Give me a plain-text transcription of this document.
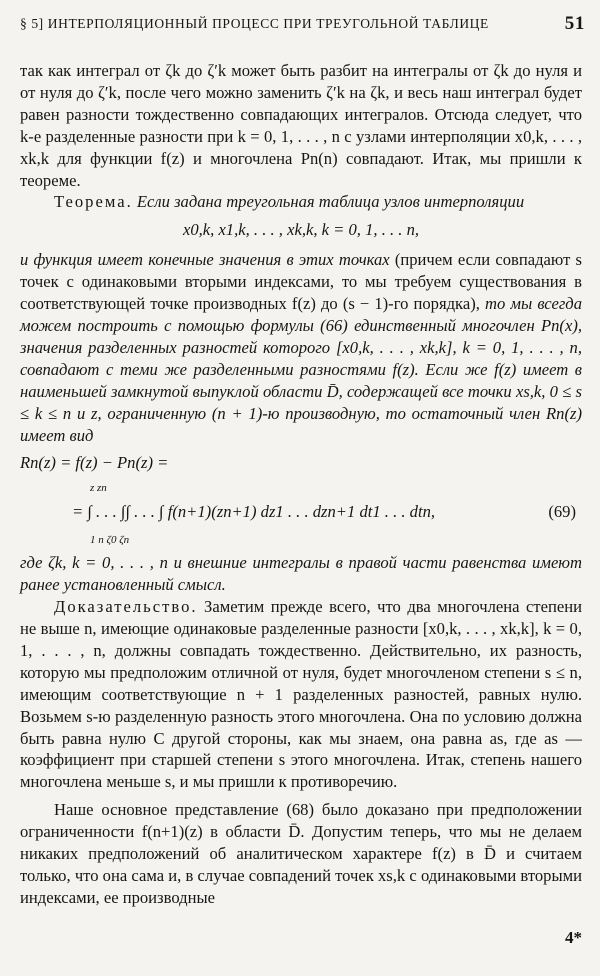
§ 5] ИНТЕРПОЛЯЦИОННЫЙ ПРОЦЕСС ПРИ ТРЕУГОЛЬНОЙ ТАБЛИЦЕ	51

так как интеграл от ζk до ζ′k может быть разбит на интегралы от ζk до нуля и от нуля до ζ′k, после чего можно заменить ζ′k на ζk, и весь наш интеграл будет равен разности тождественно совпадающих интегралов. Отсюда следует, что k-е разделенные разности при k = 0, 1, . . . , n с узлами интерполяции x0,k, . . . , xk,k для функции f(z) и многочлена Pn(n) совпадают. Итак, мы пришли к теореме.

Теорема. Если задана треугольная таблица узлов интерполяции

x0,k, x1,k, . . . , xk,k, k = 0, 1, . . . n,

и функция имеет конечные значения в этих точках (причем если совпадают s точек с одинаковыми вторыми индексами, то мы требуем существования в соответствующей точке производных f(z) до (s − 1)-го порядка), то мы всегда можем построить с помощью формулы (66) единственный многочлен Pn(x), значения разделенных разностей которого [x0,k, . . . , xk,k], k = 0, 1, . . . , n, совпадают с теми же разделенными разностями f(z). Если же f(z) имеет в наименьшей замкнутой выпуклой области D̄, содержащей все точки xs,k, 0 ≤ s ≤ k ≤ n и z, ограниченную (n + 1)-ю производную, то остаточный член Rn(z) имеет вид

Rn(z) = f(z) − Pn(z) =

z zn
= ∫ . . . ∫∫ . . . ∫ f(n+1)(zn+1) dz1 . . . dzn+1 dt1 . . . dtn,
1 n ζ0 ζn
(69)

где ζk, k = 0, . . . , n и внешние интегралы в правой части равенства имеют ранее установленный смысл.

Доказательство. Заметим прежде всего, что два многочлена степени не выше n, имеющие одинаковые разделенные разности [x0,k, . . . , xk,k], k = 0, 1, . . . , n, должны совпадать тождественно. Действительно, их разность, которую мы предположим отличной от нуля, будет многочленом степени s ≤ n, имеющим соответствующие n + 1 разделенных разностей, равных нулю. Возьмем s-ю разделенную разность этого многочлена. Она по условию должна быть равна нулю С другой стороны, как мы знаем, она равна as, где as — коэффициент при старшей степени s этого многочлена. Итак, степень нашего многочлена меньше s, и мы пришли к противоречию.

Наше основное представление (68) было доказано при предположении ограниченности f(n+1)(z) в области D̄. Допустим теперь, что мы не делаем никаких предположений об аналитическом характере f(z) в D̄ и считаем только, что она сама и, в случае совпадений точек xs,k с одинаковыми вторыми индексами, ее производные

4*
